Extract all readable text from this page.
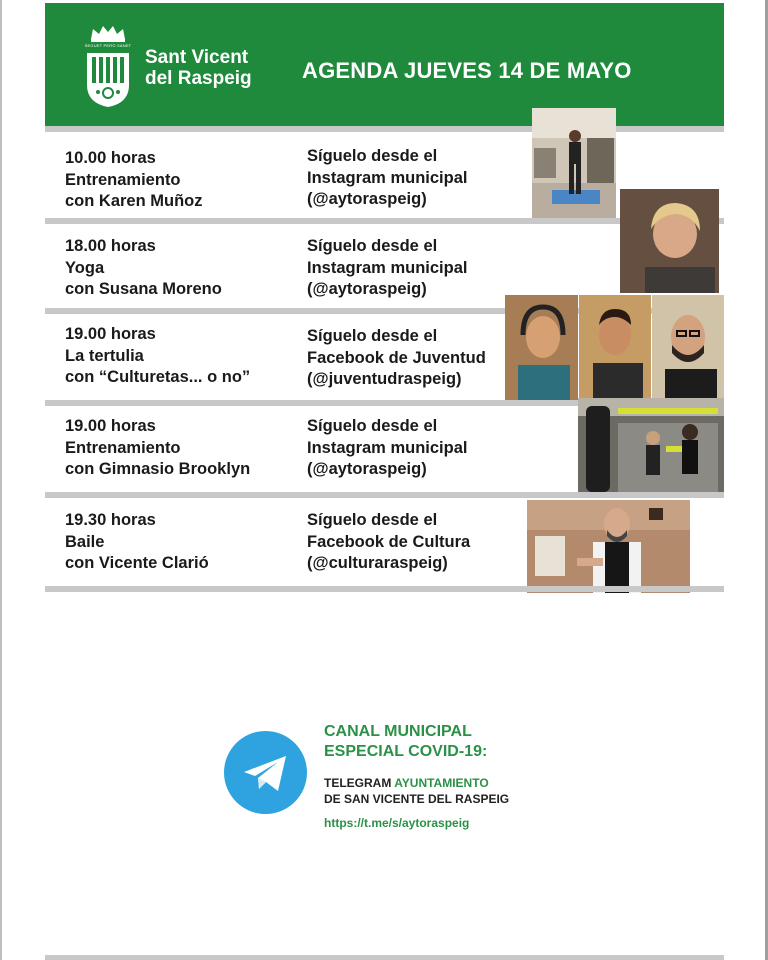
SEGUET PERÒ SANET
Sant Vicent
del Raspeig AGENDA JUEVES 14 DE MAYO
10.00 horas
Entrenamiento
con Karen Muñoz
Síguelo desde el
Instagram municipal
(@aytoraspeig)
18.00 horas
Yoga
con Susana Moreno
Síguelo desde el
Instagram municipal
(@aytoraspeig)
19.00 horas
La tertulia
con “Culturetas... o no”
Síguelo desde el
Facebook de Juventud
(@juventudraspeig)
19.00 horas
Entrenamiento
con Gimnasio Brooklyn
Síguelo desde el
Instagram municipal
(@aytoraspeig)
19.30 horas
Baile
con Vicente Clarió
Síguelo desde el
Facebook de Cultura
(@culturaraspeig)
CANAL MUNICIPAL
ESPECIAL COVID-19:
TELEGRAM AYUNTAMIENTO
DE SAN VICENTE DEL RASPEIG
https://t.me/s/aytoraspeig
